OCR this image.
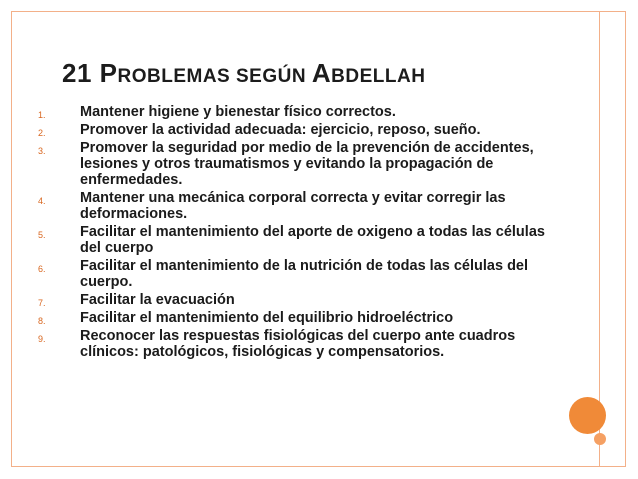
21 PROBLEMAS SEGÚN ABDELLAH
1.	Mantener higiene y bienestar físico correctos.
2.	Promover la actividad adecuada: ejercicio, reposo, sueño.
3.	Promover la seguridad por medio de la prevención de accidentes, lesiones y otros traumatismos y evitando la propagación de enfermedades.
4.	Mantener una mecánica corporal correcta y evitar corregir las deformaciones.
5.	Facilitar el mantenimiento del aporte de oxigeno a todas las células del cuerpo
6.	Facilitar el mantenimiento de la nutrición de todas las células del cuerpo.
7.	Facilitar la evacuación
8.	Facilitar el mantenimiento del equilibrio hidroeléctrico
9.	Reconocer las respuestas fisiológicas del cuerpo ante cuadros clínicos: patológicos, fisiológicas y compensatorios.
